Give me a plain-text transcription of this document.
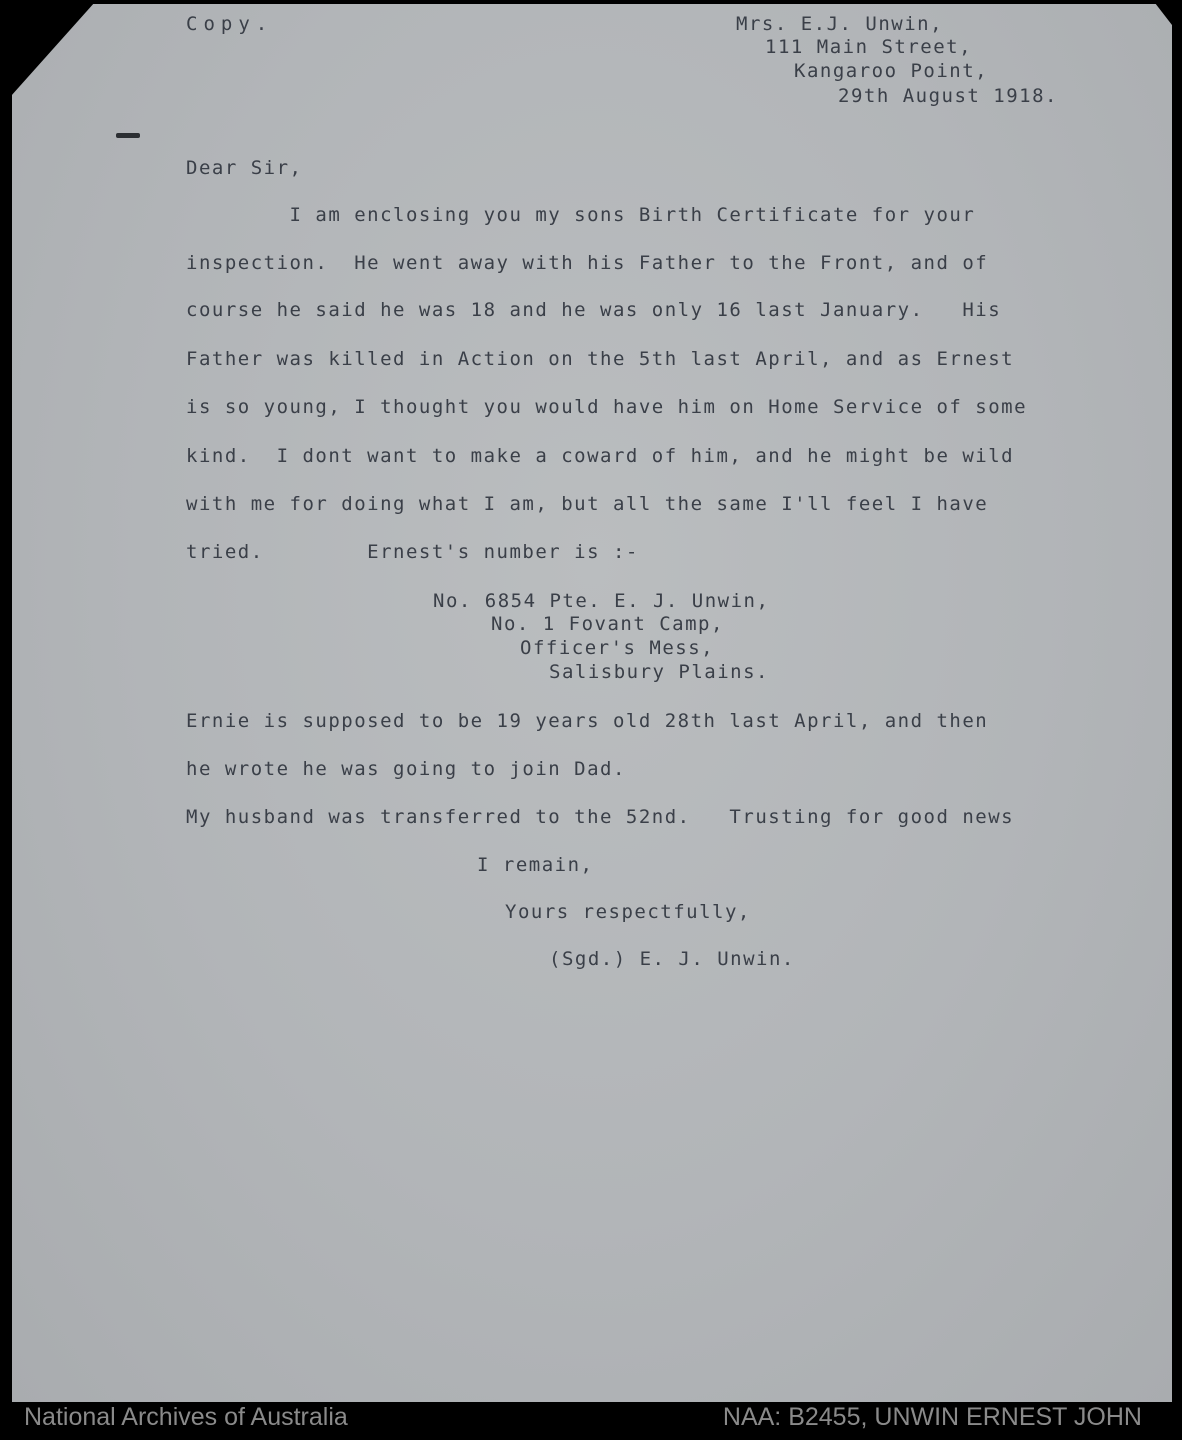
Copy.	Mrs. E.J. Unwin,
111 Main Street,
Kangaroo Point,
29th August 1918.
Dear Sir,
I am enclosing you my sons Birth Certificate for your
inspection.  He went away with his Father to the Front, and of
course he said he was 18 and he was only 16 last January.   His
Father was killed in Action on the 5th last April, and as Ernest
is so young, I thought you would have him on Home Service of some
kind.  I dont want to make a coward of him, and he might be wild
with me for doing what I am, but all the same I'll feel I have
tried.        Ernest's number is :-
No. 6854 Pte. E. J. Unwin,
No. 1 Fovant Camp,
Officer's Mess,
Salisbury Plains.
Ernie is supposed to be 19 years old 28th last April, and then
he wrote he was going to join Dad.
My husband was transferred to the 52nd.   Trusting for good news
I remain,
Yours respectfully,
(Sgd.) E. J. Unwin.
National Archives of Australia	NAA: B2455, UNWIN ERNEST JOHN
